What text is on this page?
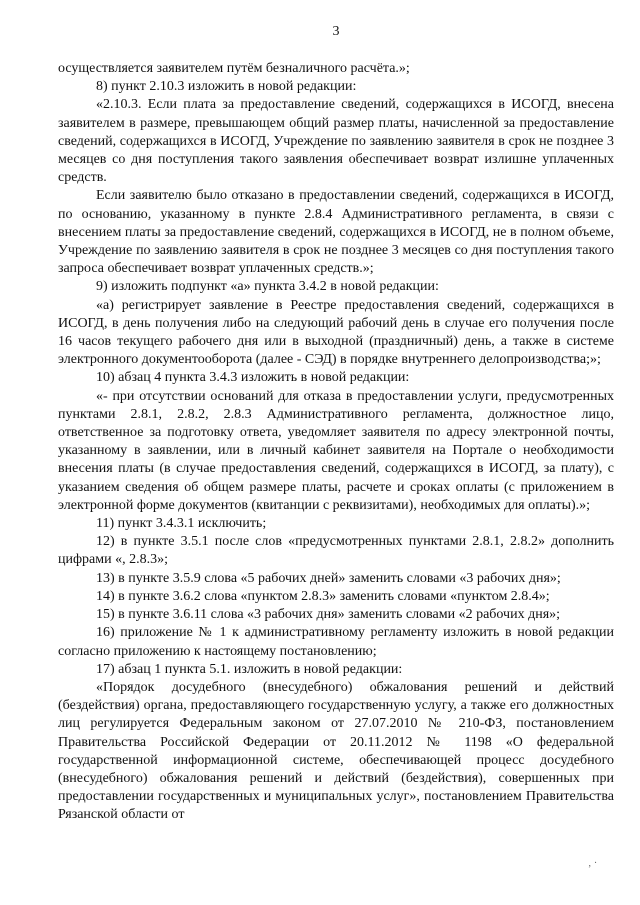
3

осуществляется заявителем путём безналичного расчёта.»;

8) пункт 2.10.3 изложить в новой редакции:

«2.10.3. Если плата за предоставление сведений, содержащихся в ИСОГД, внесена заявителем в размере, превышающем общий размер платы, начисленной за предоставление сведений, содержащихся в ИСОГД, Учреждение по заявлению заявителя в срок не позднее 3 месяцев со дня поступления такого заявления обеспечивает возврат излишне уплаченных средств.

Если заявителю было отказано в предоставлении сведений, содержащихся в ИСОГД, по основанию, указанному в пункте 2.8.4 Административного регламента, в связи с внесением платы за предоставление сведений, содержащихся в ИСОГД, не в полном объеме, Учреждение по заявлению заявителя в срок не позднее 3 месяцев со дня поступления такого запроса обеспечивает возврат уплаченных средств.»;

9) изложить подпункт «а» пункта 3.4.2 в новой редакции:

«а) регистрирует заявление в Реестре предоставления сведений, содержащихся в ИСОГД, в день получения либо на следующий рабочий день в случае его получения после 16 часов текущего рабочего дня или в выходной (праздничный) день, а также в системе электронного документооборота (далее - СЭД) в порядке внутреннего делопроизводства;»;

10) абзац 4 пункта 3.4.3 изложить в новой редакции:

«- при отсутствии оснований для отказа в предоставлении услуги, предусмотренных пунктами 2.8.1, 2.8.2, 2.8.3 Административного регламента, должностное лицо, ответственное за подготовку ответа, уведомляет заявителя по адресу электронной почты, указанному в заявлении, или в личный кабинет заявителя на Портале о необходимости внесения платы (в случае предоставления сведений, содержащихся в ИСОГД, за плату), с указанием сведения об общем размере платы, расчете и сроках оплаты (с приложением в электронной форме документов (квитанции с реквизитами), необходимых для оплаты).»;

11) пункт 3.4.3.1 исключить;

12) в пункте 3.5.1 после слов «предусмотренных пунктами 2.8.1, 2.8.2» дополнить цифрами «, 2.8.3»;

13) в пункте 3.5.9 слова «5 рабочих дней» заменить словами «3 рабочих дня»;

14) в пункте 3.6.2 слова «пунктом 2.8.3» заменить словами «пунктом 2.8.4»;

15) в пункте 3.6.11 слова «3 рабочих дня» заменить словами «2 рабочих дня»;

16) приложение № 1 к административному регламенту изложить в новой редакции согласно приложению к настоящему постановлению;

17) абзац 1 пункта 5.1. изложить в новой редакции:

«Порядок досудебного (внесудебного) обжалования решений и действий (бездействия) органа, предоставляющего государственную услугу, а также его должностных лиц регулируется Федеральным законом от 27.07.2010 № 210-ФЗ, постановлением Правительства Российской Федерации от 20.11.2012 № 1198 «О федеральной государственной информационной системе, обеспечивающей процесс досудебного (внесудебного) обжалования решений и действий (бездействия), совершенных при предоставлении государственных и муниципальных услуг», постановлением Правительства Рязанской области от

‚ ·
